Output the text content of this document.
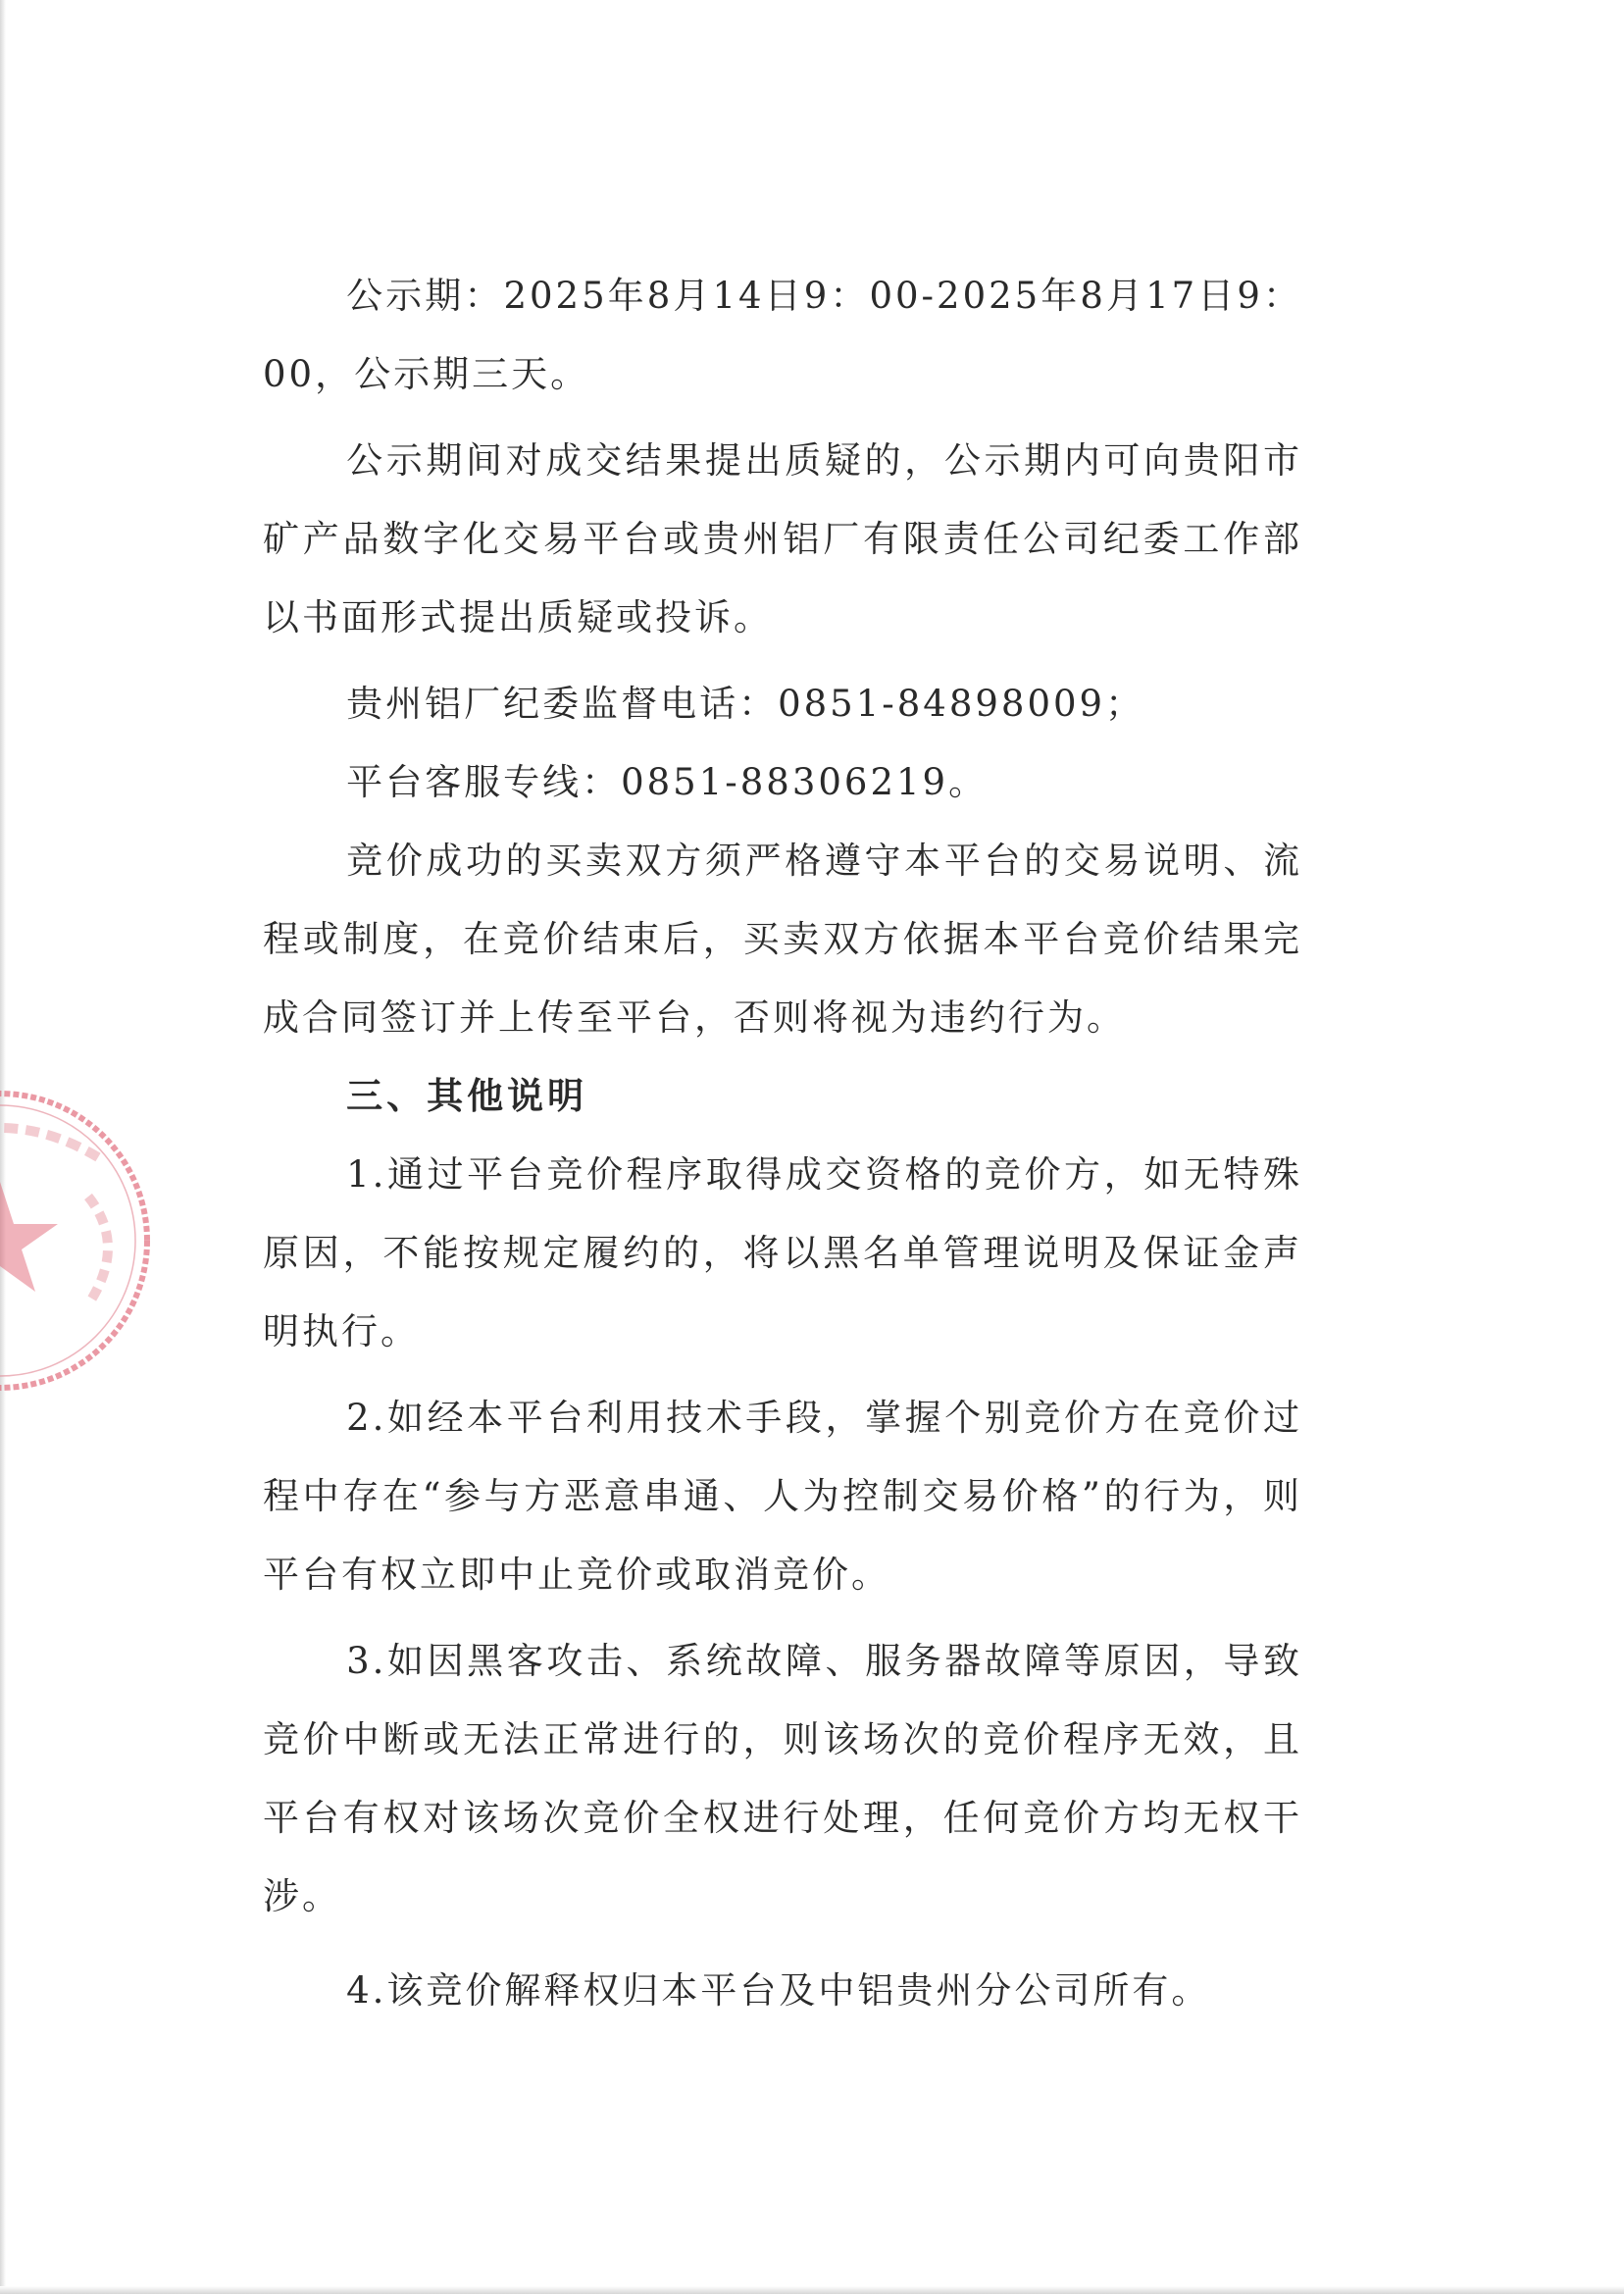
公示期：2025年8月14日9：00-2025年8月17日9：00，公示期三天。

公示期间对成交结果提出质疑的，公示期内可向贵阳市矿产品数字化交易平台或贵州铝厂有限责任公司纪委工作部以书面形式提出质疑或投诉。

贵州铝厂纪委监督电话：0851-84898009；

平台客服专线：0851-88306219。

竞价成功的买卖双方须严格遵守本平台的交易说明、流程或制度，在竞价结束后，买卖双方依据本平台竞价结果完成合同签订并上传至平台，否则将视为违约行为。

三、其他说明

1.通过平台竞价程序取得成交资格的竞价方，如无特殊原因，不能按规定履约的，将以黑名单管理说明及保证金声明执行。

2.如经本平台利用技术手段，掌握个别竞价方在竞价过程中存在“参与方恶意串通、人为控制交易价格”的行为，则平台有权立即中止竞价或取消竞价。

3.如因黑客攻击、系统故障、服务器故障等原因，导致竞价中断或无法正常进行的，则该场次的竞价程序无效，且平台有权对该场次竞价全权进行处理，任何竞价方均无权干涉。

4.该竞价解释权归本平台及中铝贵州分公司所有。
